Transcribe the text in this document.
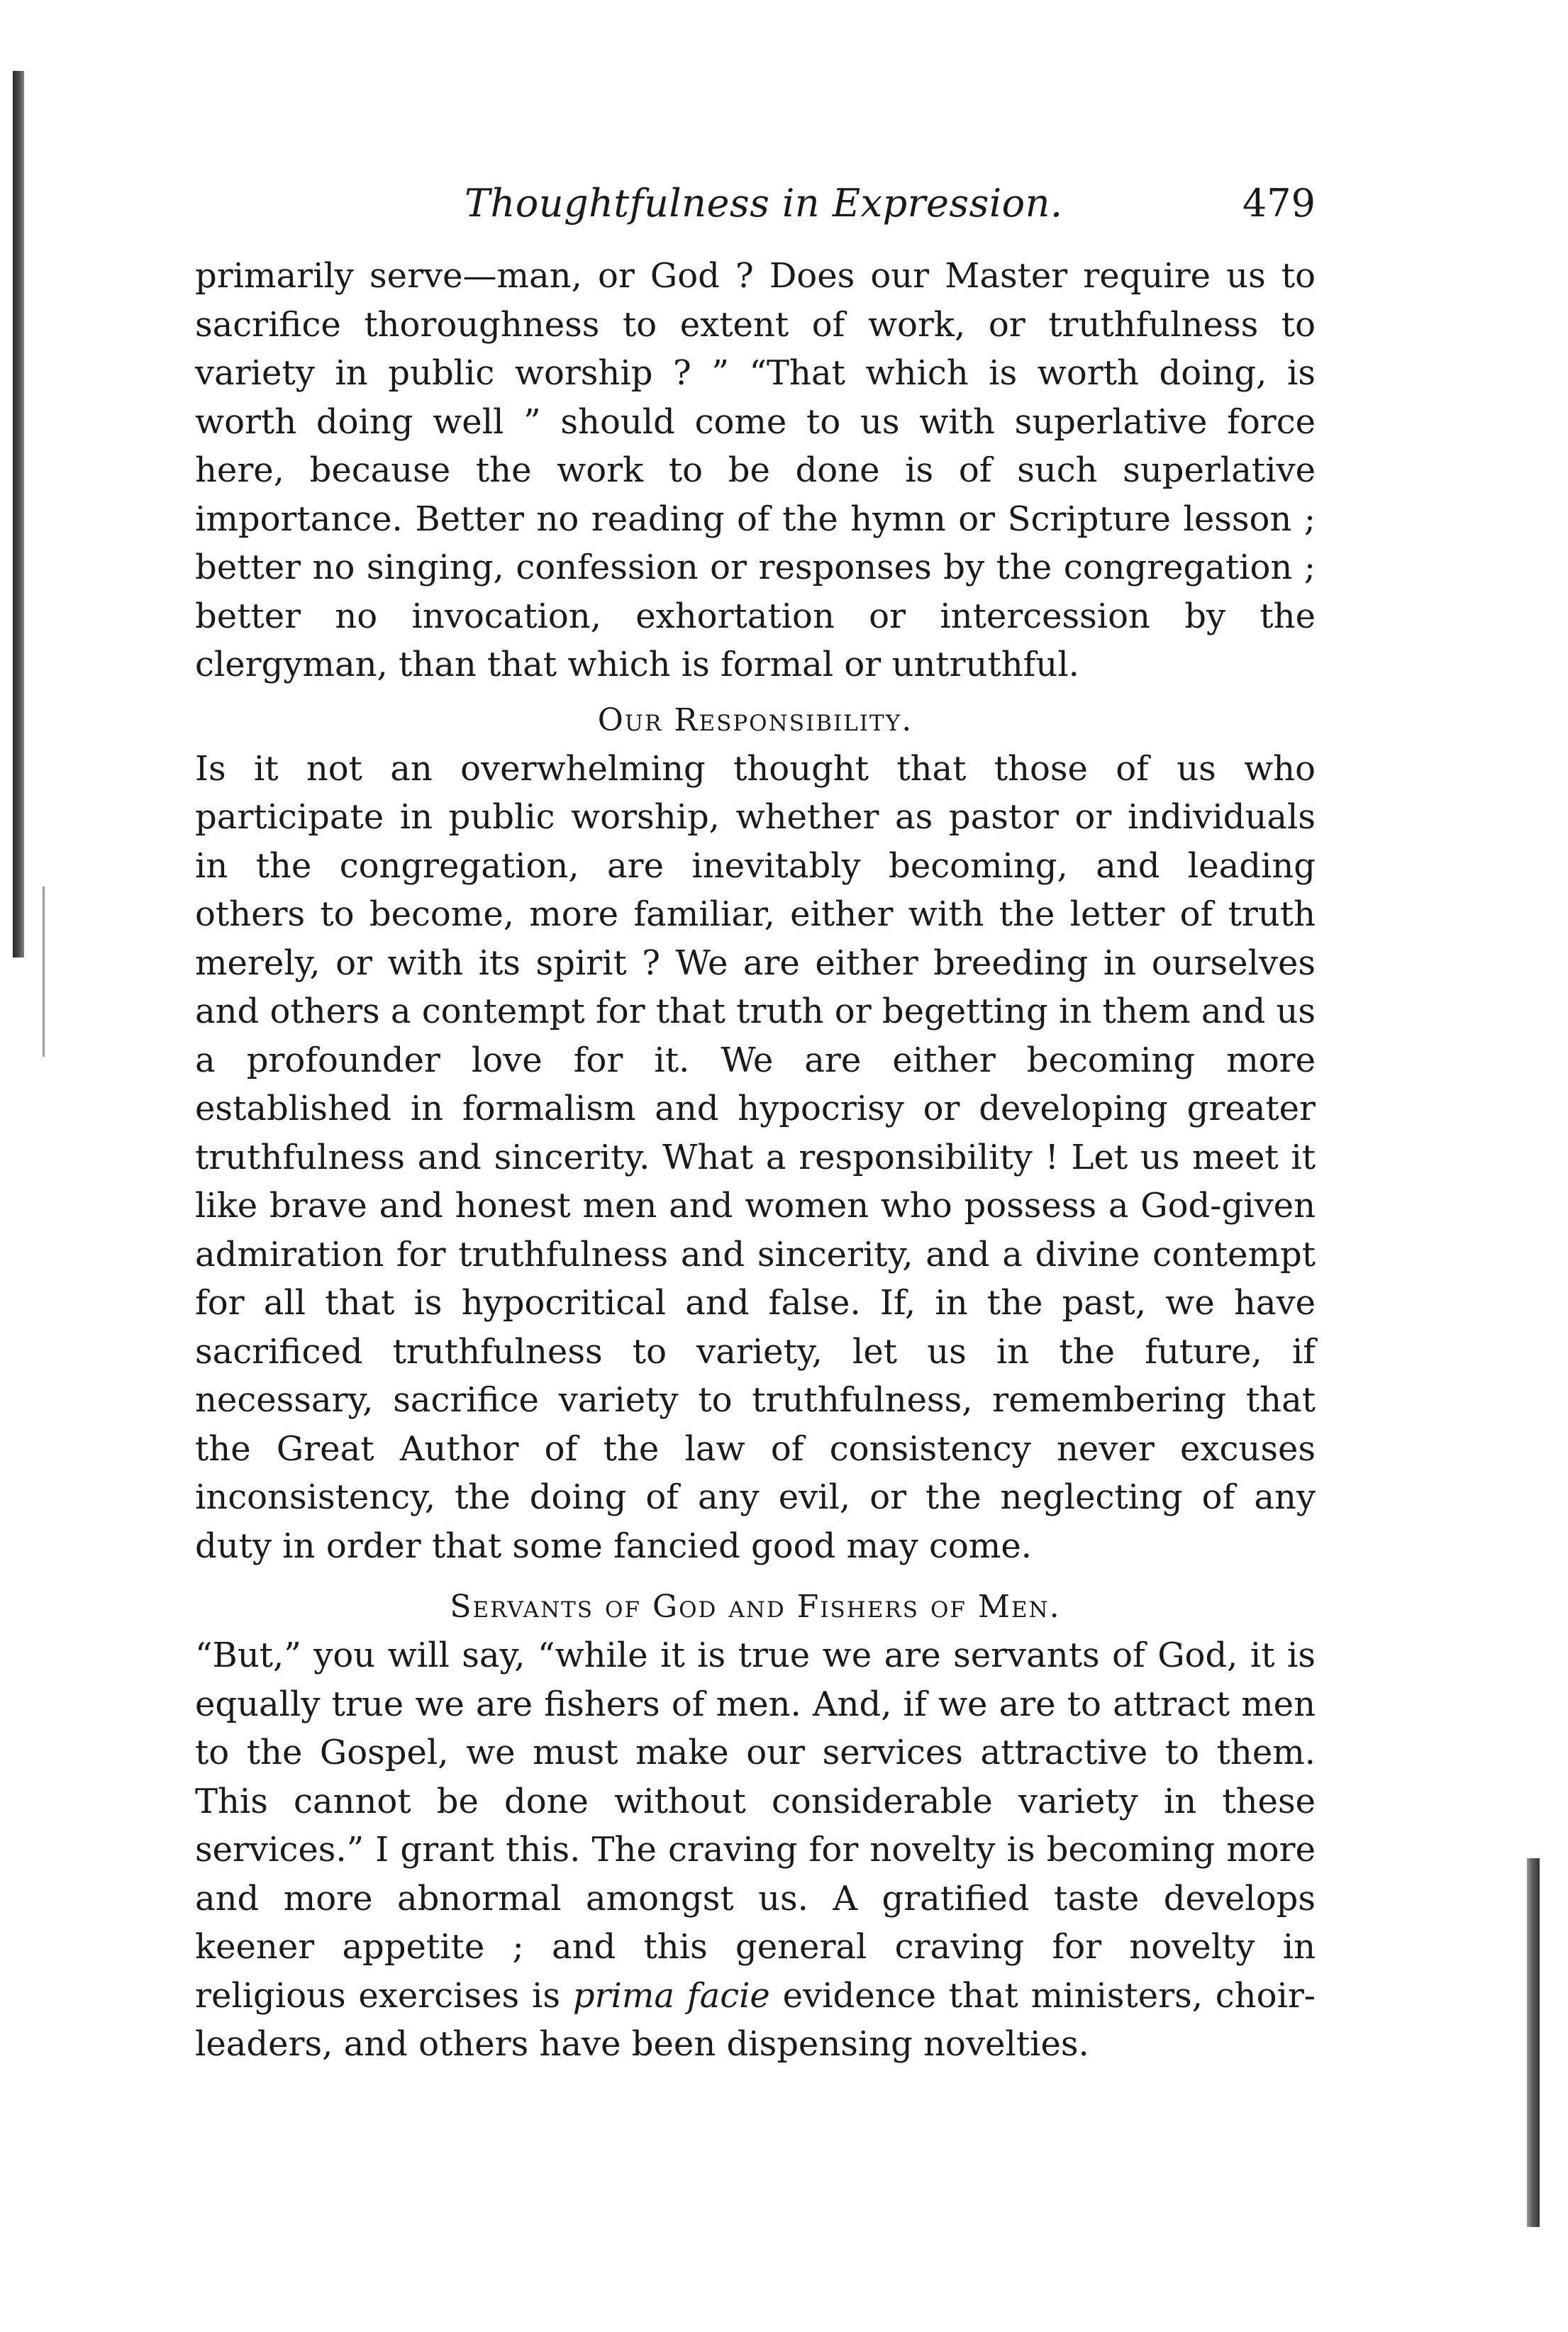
Thoughtfulness in Expression.	479

primarily serve—man, or God ? Does our Master require us to sacrifice thoroughness to extent of work, or truthfulness to variety in public worship ? ” “That which is worth doing, is worth doing well ” should come to us with superlative force here, because the work to be done is of such superlative importance. Better no reading of the hymn or Scripture lesson ; better no singing, confession or responses by the congregation ; better no invocation, exhortation or intercession by the clergyman, than that which is formal or untruthful.

Our Responsibility.

Is it not an overwhelming thought that those of us who participate in public worship, whether as pastor or individuals in the congregation, are inevitably becoming, and leading others to become, more familiar, either with the letter of truth merely, or with its spirit ? We are either breeding in ourselves and others a contempt for that truth or begetting in them and us a profounder love for it. We are either becoming more established in formalism and hypocrisy or developing greater truthfulness and sincerity. What a responsibility ! Let us meet it like brave and honest men and women who possess a God-given admiration for truthfulness and sincerity, and a divine contempt for all that is hypocritical and false. If, in the past, we have sacrificed truthfulness to variety, let us in the future, if necessary, sacrifice variety to truthfulness, remembering that the Great Author of the law of consistency never excuses inconsistency, the doing of any evil, or the neglecting of any duty in order that some fancied good may come.

Servants of God and Fishers of Men.

“But,” you will say, “while it is true we are servants of God, it is equally true we are fishers of men. And, if we are to attract men to the Gospel, we must make our services attractive to them. This cannot be done without considerable variety in these services.” I grant this. The craving for novelty is becoming more and more abnormal amongst us. A gratified taste develops keener appetite ; and this general craving for novelty in religious exercises is prima facie evidence that ministers, choir-leaders, and others have been dispensing novelties.
